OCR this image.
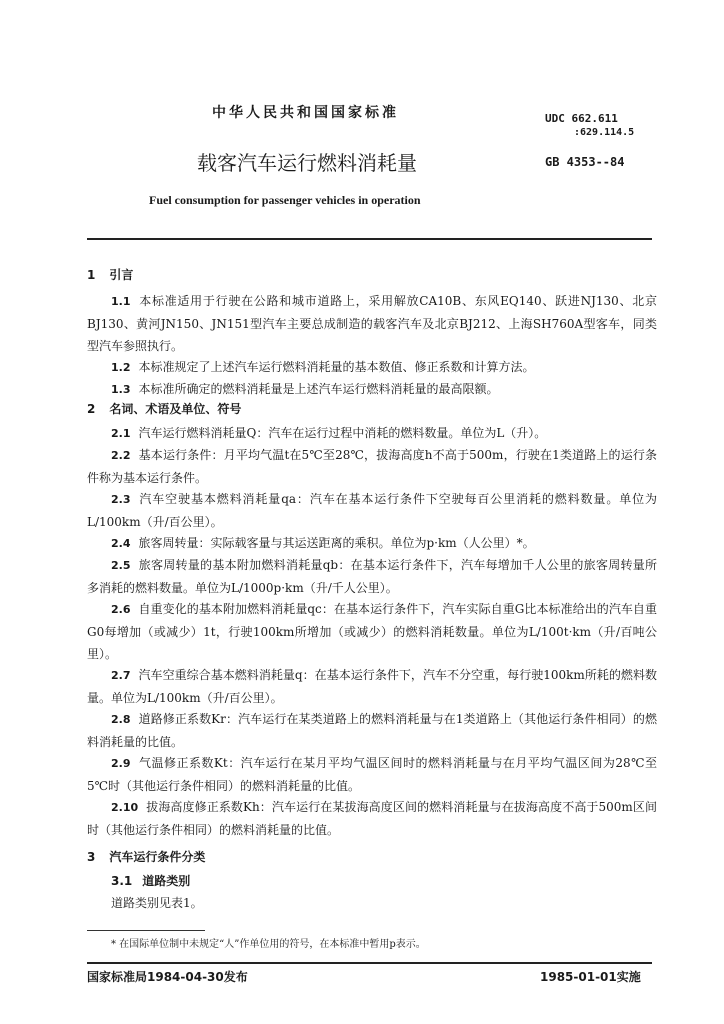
中华人民共和国国家标准	UDC 662.611
:629.114.5
载客汽车运行燃料消耗量	GB 4353--84
Fuel consumption for passenger vehicles in operation
1 引言
1.1 本标准适用于行驶在公路和城市道路上，采用解放CA10B、东风EQ140、跃进NJ130、北京BJ130、黄河JN150、JN151型汽车主要总成制造的载客汽车及北京BJ212、上海SH760A型客车，同类型汽车参照执行。
1.2 本标准规定了上述汽车运行燃料消耗量的基本数值、修正系数和计算方法。
1.3 本标准所确定的燃料消耗量是上述汽车运行燃料消耗量的最高限额。
2 名词、术语及单位、符号
2.1 汽车运行燃料消耗量Q：汽车在运行过程中消耗的燃料数量。单位为L（升）。
2.2 基本运行条件：月平均气温t在5℃至28℃，拔海高度h不高于500m，行驶在1类道路上的运行条件称为基本运行条件。
2.3 汽车空驶基本燃料消耗量qa：汽车在基本运行条件下空驶每百公里消耗的燃料数量。单位为L/100km（升/百公里）。
2.4 旅客周转量：实际载客量与其运送距离的乘积。单位为p·km（人公里）*。
2.5 旅客周转量的基本附加燃料消耗量qb：在基本运行条件下，汽车每增加千人公里的旅客周转量所多消耗的燃料数量。单位为L/1000p·km（升/千人公里）。
2.6 自重变化的基本附加燃料消耗量qc：在基本运行条件下，汽车实际自重G比本标准给出的汽车自重G0每增加（或减少）1t，行驶100km所增加（或减少）的燃料消耗数量。单位为L/100t·km（升/百吨公里）。
2.7 汽车空重综合基本燃料消耗量q：在基本运行条件下，汽车不分空重，每行驶100km所耗的燃料数量。单位为L/100km（升/百公里）。
2.8 道路修正系数Kr：汽车运行在某类道路上的燃料消耗量与在1类道路上（其他运行条件相同）的燃料消耗量的比值。
2.9 气温修正系数Kt：汽车运行在某月平均气温区间时的燃料消耗量与在月平均气温区间为28℃至5℃时（其他运行条件相同）的燃料消耗量的比值。
2.10 拔海高度修正系数Kh：汽车运行在某拔海高度区间的燃料消耗量与在拔海高度不高于500m区间时（其他运行条件相同）的燃料消耗量的比值。
3 汽车运行条件分类
3.1 道路类别
道路类别见表1。
* 在国际单位制中未规定“人”作单位用的符号，在本标准中暂用p表示。
国家标准局1984-04-30发布	1985-01-01实施
